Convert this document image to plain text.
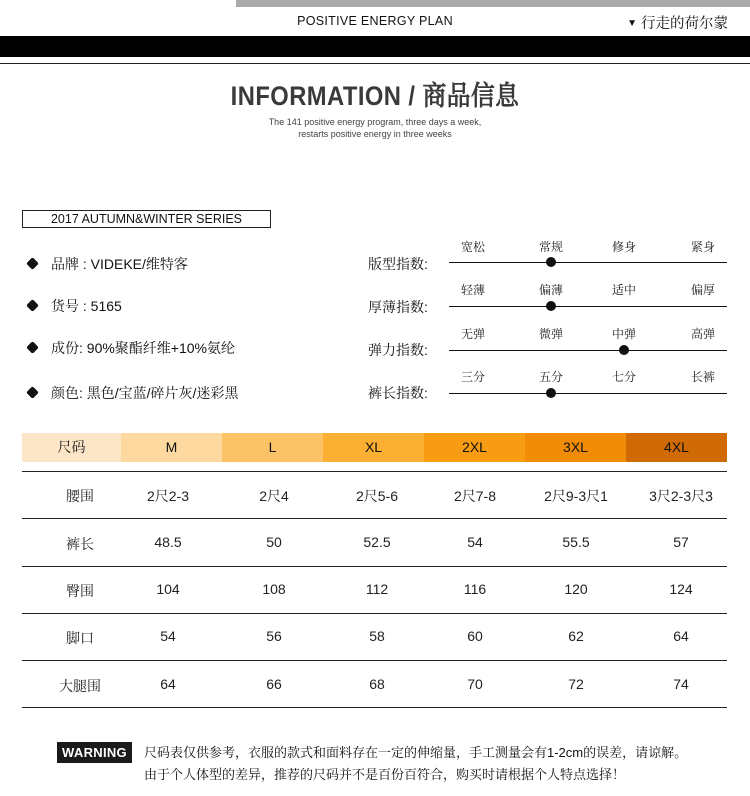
POSITIVE ENERGY PLAN	▼ 行走的荷尔蒙
INFORMATION / 商品信息
The 141 positive energy program, three days a week,
restarts positive energy in three weeks
2017 AUTUMN&WINTER SERIES
品牌 : VIDEKE/维特客
货号 : 5165
成份: 90%聚酯纤维+10%氨纶
颜色: 黑色/宝蓝/碎片灰/迷彩黑
版型指数:
宽松	常规	修身	紧身
厚薄指数:
轻薄	偏薄	适中	偏厚
弹力指数:
无弹	微弹	中弹	高弹
裤长指数:
三分	五分	七分	长裤
尺码	M	L	XL	2XL	3XL	4XL
腰围	2尺2-3	2尺4	2尺5-6	2尺7-8	2尺9-3尺1	3尺2-3尺3
裤长	48.5	50	52.5	54	55.5	57
臀围	104	108	112	116	120	124
脚口	54	56	58	60	62	64
大腿围	64	66	68	70	72	74
WARNING	尺码表仅供参考，衣服的款式和面料存在一定的伸缩量，手工测量会有1-2cm的误差，请谅解。
由于个人体型的差异，推荐的尺码并不是百份百符合，购买时请根据个人特点选择！
